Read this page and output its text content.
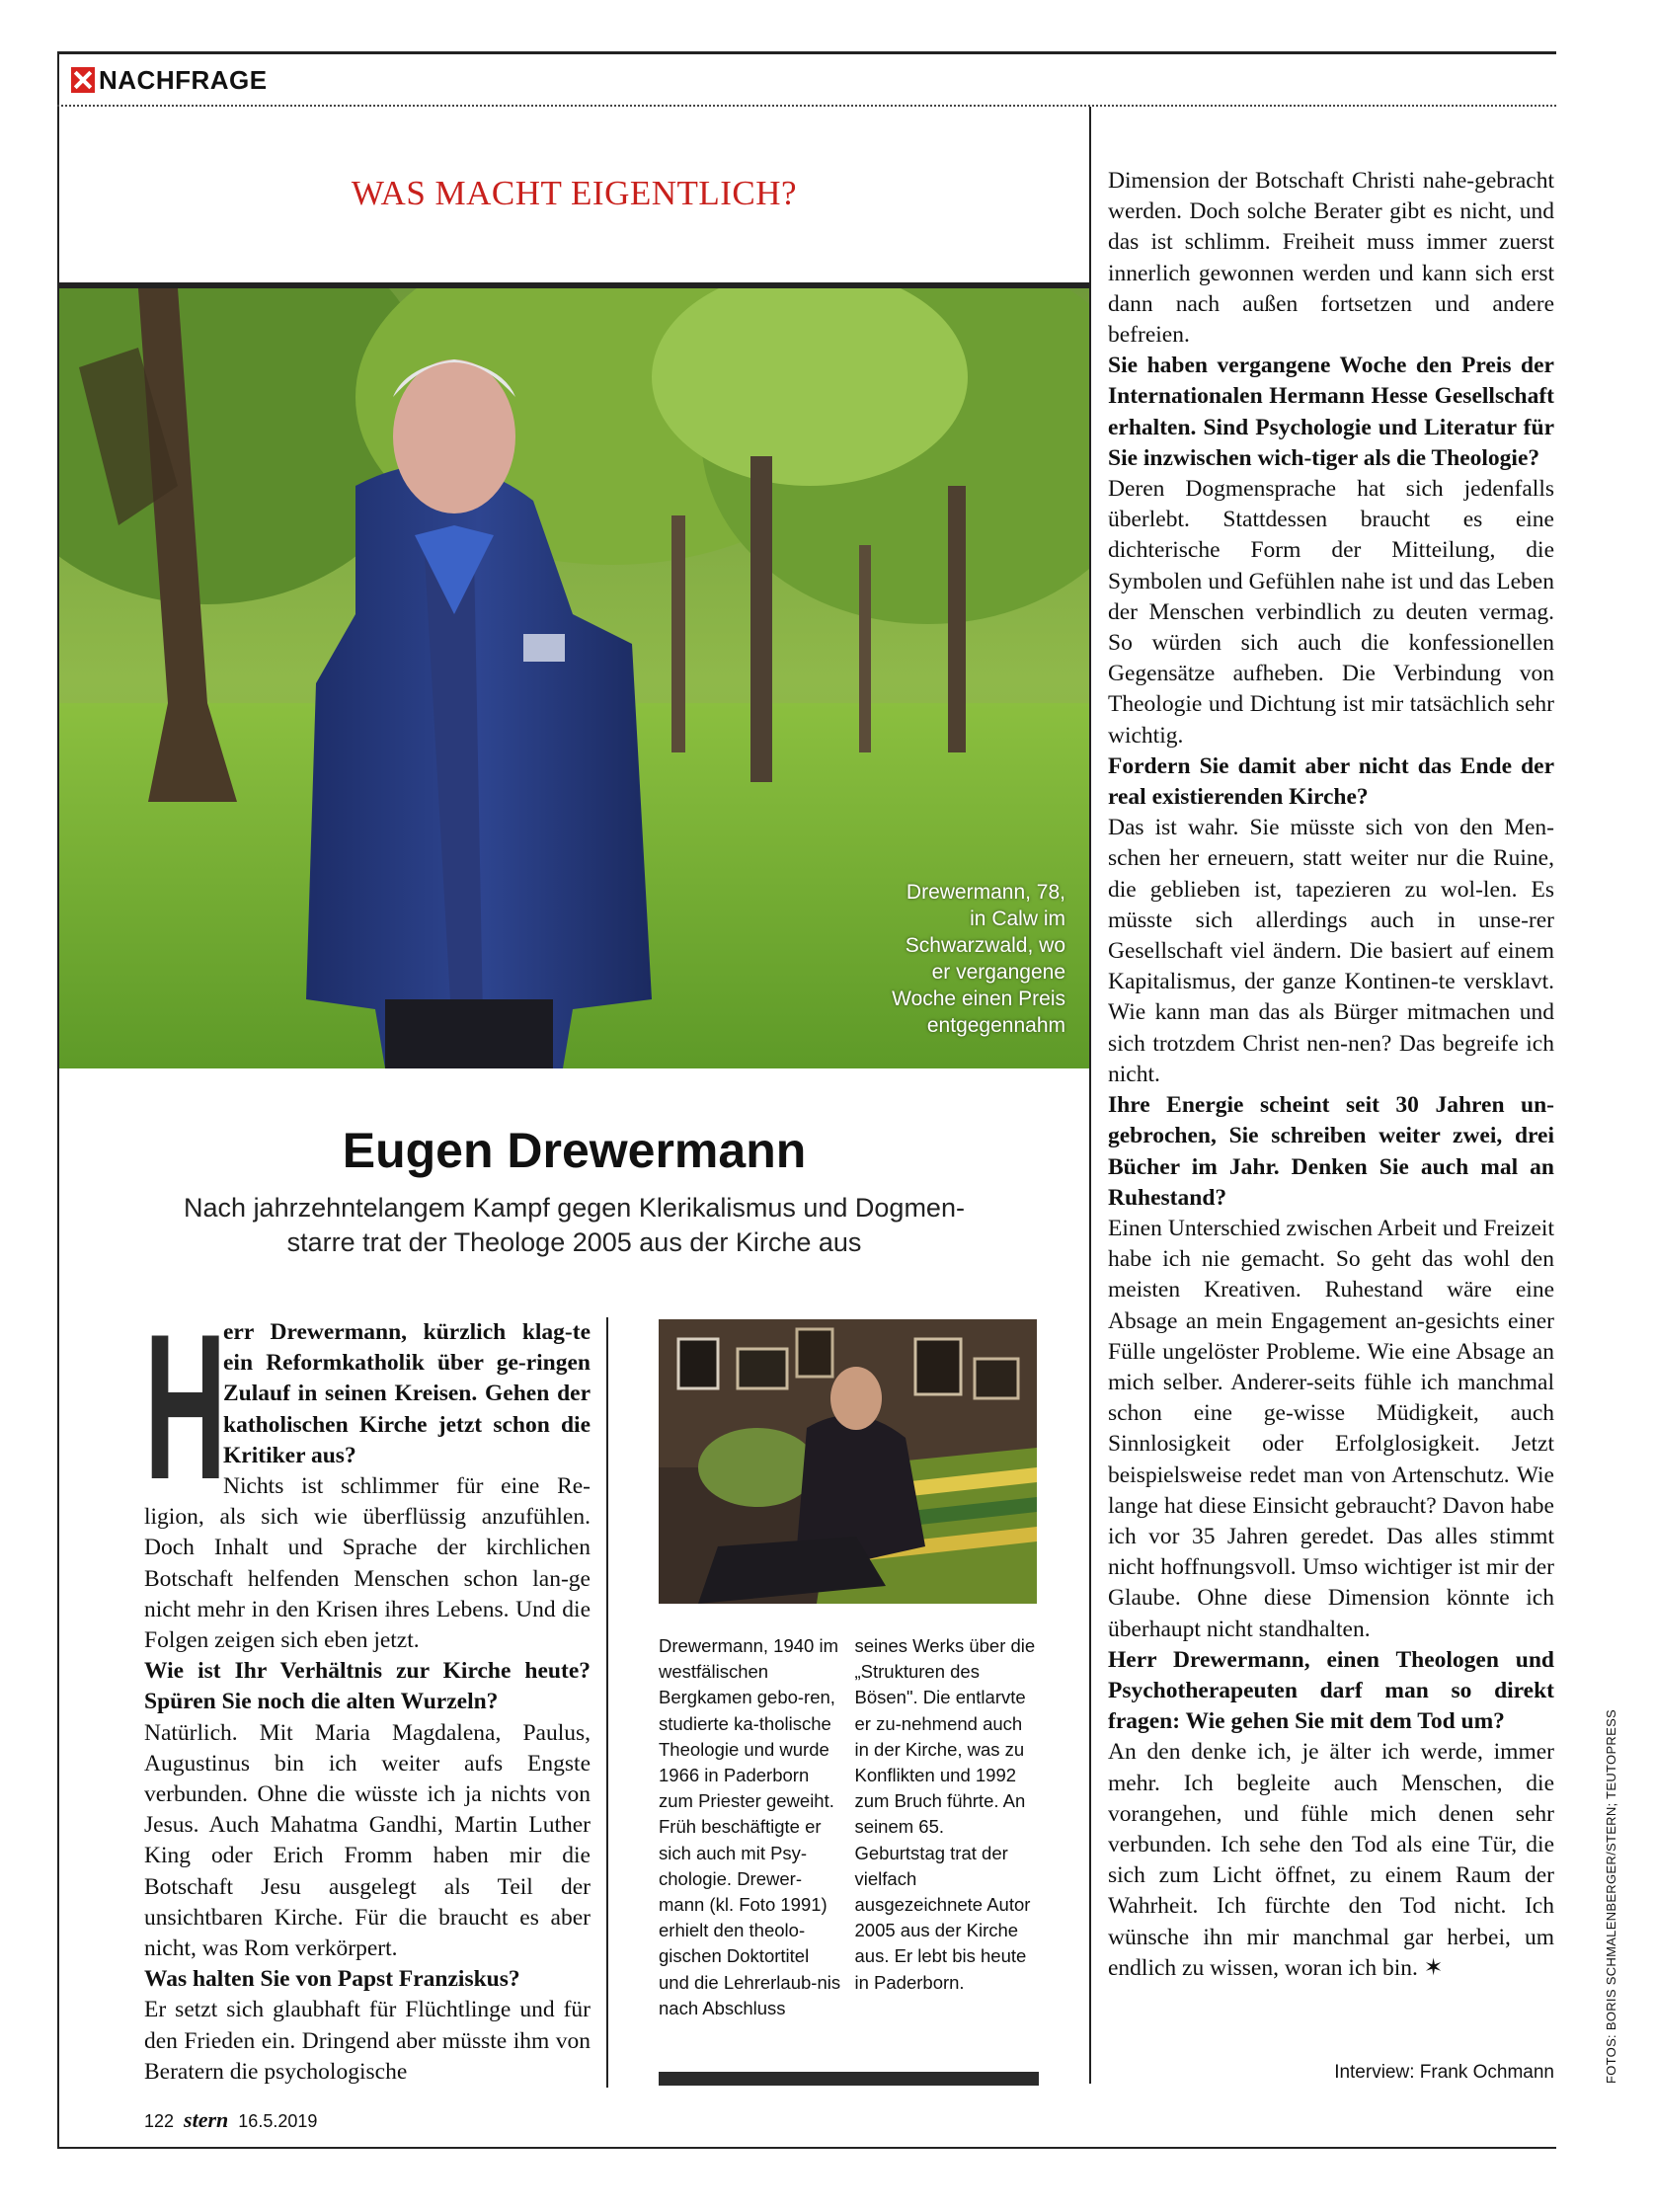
NACHFRAGE
WAS MACHT EIGENTLICH?
Drewermann, 78,
in Calw im
Schwarzwald, wo
er vergangene
Woche einen Preis
entgegennahm
Eugen Drewermann
Nach jahrzehntelangem Kampf gegen Klerikalismus und Dogmen-
starre trat der Theologe 2005 aus der Kirche aus
H

err Drewermann, kürzlich klag-te ein Reformkatholik über ge-ringen Zulauf in seinen Kreisen. Gehen der katholischen Kirche jetzt schon die Kritiker aus?

Nichts ist schlimmer für eine Re-ligion, als sich wie überflüssig anzufühlen. Doch Inhalt und Sprache der kirchlichen Botschaft helfenden Menschen schon lan-ge nicht mehr in den Krisen ihres Lebens. Und die Folgen zeigen sich eben jetzt.

Wie ist Ihr Verhältnis zur Kirche heute? Spüren Sie noch die alten Wurzeln?

Natürlich. Mit Maria Magdalena, Paulus, Augustinus bin ich weiter aufs Engste verbunden. Ohne die wüsste ich ja nichts von Jesus. Auch Mahatma Gandhi, Martin Luther King oder Erich Fromm haben mir die Botschaft Jesu ausgelegt als Teil der unsichtbaren Kirche. Für die braucht es aber nicht, was Rom verkörpert.

Was halten Sie von Papst Franziskus?

Er setzt sich glaubhaft für Flüchtlinge und für den Frieden ein. Dringend aber müsste ihm von Beratern die psychologische

Drewermann, 1940 im westfälischen Bergkamen gebo-ren, studierte ka-tholische Theologie und wurde 1966 in Paderborn zum Priester geweiht. Früh beschäftigte er sich auch mit Psy-chologie. Drewer-mann (kl. Foto 1991) erhielt den theolo-gischen Doktortitel und die Lehrerlaub-nis nach Abschluss
seines Werks über die „Strukturen des Bösen". Die entlarvte er zu-nehmend auch in der Kirche, was zu Konflikten und 1992 zum Bruch führte. An seinem 65. Geburtstag trat der vielfach ausgezeichnete Autor 2005 aus der Kirche aus. Er lebt bis heute in Paderborn.

Dimension der Botschaft Christi nahe-gebracht werden. Doch solche Berater gibt es nicht, und das ist schlimm. Freiheit muss immer zuerst innerlich gewonnen werden und kann sich erst dann nach außen fortsetzen und andere befreien.

Sie haben vergangene Woche den Preis der Internationalen Hermann Hesse Gesellschaft erhalten. Sind Psychologie und Literatur für Sie inzwischen wich-tiger als die Theologie?

Deren Dogmensprache hat sich jedenfalls überlebt. Stattdessen braucht es eine dichterische Form der Mitteilung, die Symbolen und Gefühlen nahe ist und das Leben der Menschen verbindlich zu deuten vermag. So würden sich auch die konfessionellen Gegensätze aufheben. Die Verbindung von Theologie und Dichtung ist mir tatsächlich sehr wichtig.

Fordern Sie damit aber nicht das Ende der real existierenden Kirche?

Das ist wahr. Sie müsste sich von den Men-schen her erneuern, statt weiter nur die Ruine, die geblieben ist, tapezieren zu wol-len. Es müsste sich allerdings auch in unse-rer Gesellschaft viel ändern. Die basiert auf einem Kapitalismus, der ganze Kontinen-te versklavt. Wie kann man das als Bürger mitmachen und sich trotzdem Christ nen-nen? Das begreife ich nicht.

Ihre Energie scheint seit 30 Jahren un-gebrochen, Sie schreiben weiter zwei, drei Bücher im Jahr. Denken Sie auch mal an Ruhestand?

Einen Unterschied zwischen Arbeit und Freizeit habe ich nie gemacht. So geht das wohl den meisten Kreativen. Ruhestand wäre eine Absage an mein Engagement an-gesichts einer Fülle ungelöster Probleme. Wie eine Absage an mich selber. Anderer-seits fühle ich manchmal schon eine ge-wisse Müdigkeit, auch Sinnlosigkeit oder Erfolglosigkeit. Jetzt beispielsweise redet man von Artenschutz. Wie lange hat diese Einsicht gebraucht? Davon habe ich vor 35 Jahren geredet. Das alles stimmt nicht hoffnungsvoll. Umso wichtiger ist mir der Glaube. Ohne diese Dimension könnte ich überhaupt nicht standhalten.

Herr Drewermann, einen Theologen und Psychotherapeuten darf man so direkt fragen: Wie gehen Sie mit dem Tod um?

An den denke ich, je älter ich werde, immer mehr. Ich begleite auch Menschen, die vorangehen, und fühle mich denen sehr verbunden. Ich sehe den Tod als eine Tür, die sich zum Licht öffnet, zu einem Raum der Wahrheit. Ich fürchte den Tod nicht. Ich wünsche ihn mir manchmal gar herbei, um endlich zu wissen, woran ich bin. ✶

Interview: Frank Ochmann
122 stern 16.5.2019
FOTOS: BORIS SCHMALENBERGER/STERN; TEUTOPRESS
